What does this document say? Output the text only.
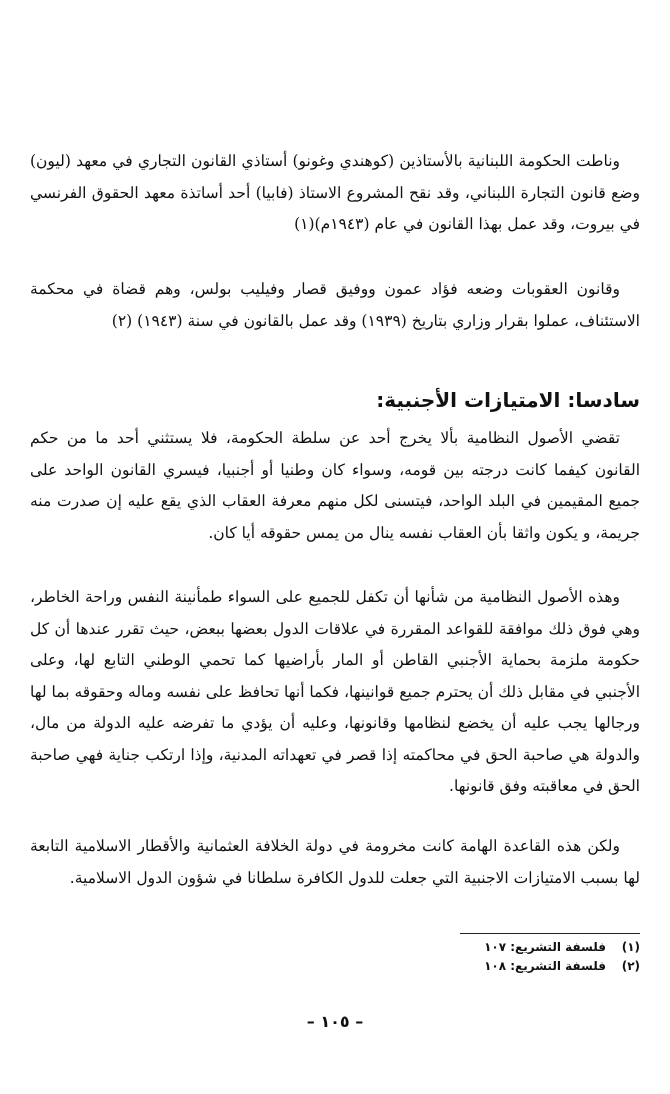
وناطت الحكومة اللبنانية بالأستاذين (كوهندي وغونو) أستاذي القانون التجاري في معهد (ليون) وضع قانون التجارة اللبناني، وقد نقح المشروع الاستاذ (فابيا) أحد أساتذة معهد الحقوق الفرنسي في بيروت، وقد عمل بهذا القانون في عام (١٩٤٣م)(١)

وقانون العقوبات وضعه فؤاد عمون ووفيق قصار وفيليب بولس، وهم قضاة في محكمة الاستئناف، عملوا بقرار وزاري بتاريخ (١٩٣٩) وقد عمل بالقانون في سنة (١٩٤٣) (٢)

سادسا: الامتيازات الأجنبية:

تقضي الأصول النظامية بألا يخرج أحد عن سلطة الحكومة، فلا يستثني أحد ما من حكم القانون كيفما كانت درجته بين قومه، وسواء كان وطنيا أو أجنبيا، فيسري القانون الواحد على جميع المقيمين في البلد الواحد، فيتسنى لكل منهم معرفة العقاب الذي يقع عليه إن صدرت منه جريمة، و يكون واثقا بأن العقاب نفسه ينال من يمس حقوقه أيا كان.

وهذه الأصول النظامية من شأنها أن تكفل للجميع على السواء طمأنينة النفس وراحة الخاطر، وهي فوق ذلك موافقة للقواعد المقررة في علاقات الدول بعضها ببعض، حيث تقرر عندها أن كل حكومة ملزمة بحماية الأجنبي القاطن أو المار بأراضيها كما تحمي الوطني التابع لها، وعلى الأجنبي في مقابل ذلك أن يحترم جميع قوانينها، فكما أنها تحافظ على نفسه وماله وحقوقه بما لها ورجالها يجب عليه أن يخضع لنظامها وقانونها، وعليه أن يؤدي ما تفرضه عليه الدولة من مال، والدولة هي صاحبة الحق في محاكمته إذا قصر في تعهداته المدنية، وإذا ارتكب جناية فهي صاحبة الحق في معاقبته وفق قانونها.

ولكن هذه القاعدة الهامة كانت مخرومة في دولة الخلافة العثمانية والأقطار الاسلامية التابعة لها بسبب الامتيازات الاجنبية التي جعلت للدول الكافرة سلطانا في شؤون الدول الاسلامية.

(١)فلسفة التشريع: ١٠٧
(٢)فلسفة التشريع: ١٠٨
– ١٠٥ –
